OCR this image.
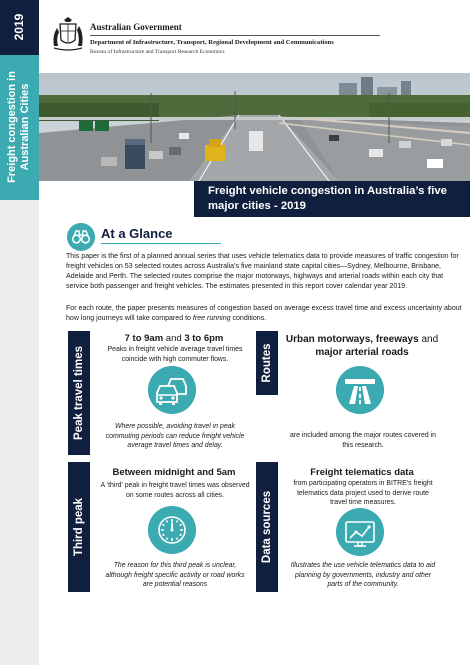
2019
Freight congestion in Australian Cities
Australian Government
Department of Infrastructure, Transport, Regional Development and Communications
Bureau of Infrastructure and Transport Research Economics
Freight vehicle congestion in Australia’s five
major cities - 2019
At a Glance
This paper is the first of a planned annual series that uses vehicle telematics data to provide measures of traffic congestion for freight vehicles on 53 selected routes across Australia’s five mainland state capital cities—Sydney, Melbourne, Brisbane, Adelaide and Perth. The selected routes comprise the major motorways, highways and arterial roads within each city that service both passenger and freight vehicles. The estimates presented in this report cover calendar year 2019.
For each route, the paper presents measures of congestion based on average excess travel time and excess uncertainty about how long journeys will take compared to free running conditions.
Peak travel times
7 to 9am and 3 to 6pm
Peaks in freight vehicle average travel times coincide with high commuter flows.
Where possible, avoiding travel in peak commuting periods can reduce freight vehicle average travel times and delay.
Routes
Urban motorways, freeways and major arterial roads
are included among the major routes covered in this research.
Third peak
Between midnight and 5am
A ‘third’ peak in freight travel times was observed on some routes across all cities.
The reason for this third peak is unclear, although freight specific activity or road works are potential reasons
Data sources
Freight telematics data
from participating operators in BITRE’s freight telematics data project used to derive route travel time measures.
Illustrates the use vehicle telematics data to aid planning by governments, industry and other parts of the community.
